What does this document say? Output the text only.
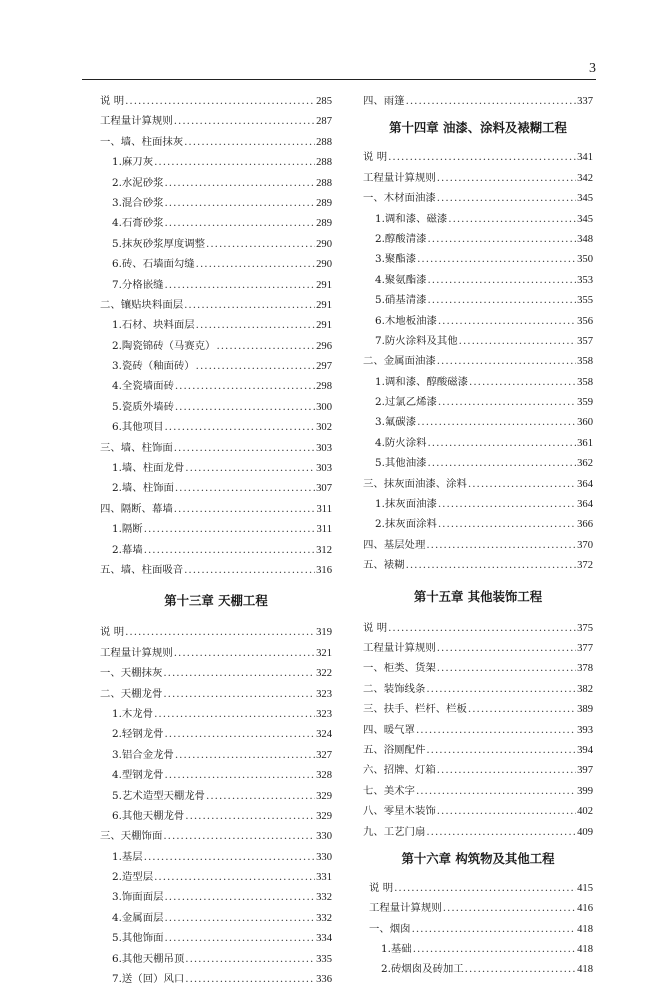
3
说 明 .....	285
工程量计算规则 .....	287
一、墙、柱面抹灰 .....	288
1.麻刀灰 .....	288
2.水泥砂浆 .....	288
3.混合砂浆 .....	289
4.石膏砂浆 .....	289
5.抹灰砂浆厚度调整 .....	290
6.砖、石墙面勾缝 .....	290
7.分格嵌缝 .....	291
二、镶贴块料面层 .....	291
1.石材、块料面层 .....	291
2.陶瓷锦砖（马赛克） .....	296
3.瓷砖（釉面砖） .....	297
4.全瓷墙面砖 .....	298
5.瓷质外墙砖 .....	300
6.其他项目 .....	302
三、墙、柱饰面 .....	303
1.墙、柱面龙骨 .....	303
2.墙、柱饰面 .....	307
四、隔断、幕墙 .....	311
1.隔断 .....	311
2.幕墙 .....	312
五、墙、柱面吸音 .....	316
第十三章 天棚工程
说 明 .....	319
工程量计算规则 .....	321
一、天棚抹灰 .....	322
二、天棚龙骨 .....	323
1.木龙骨 .....	323
2.轻钢龙骨 .....	324
3.铝合金龙骨 .....	327
4.型钢龙骨 .....	328
5.艺术造型天棚龙骨 .....	329
6.其他天棚龙骨 .....	329
三、天棚饰面 .....	330
1.基层 .....	330
2.造型层 .....	331
3.饰面面层 .....	332
4.金属面层 .....	332
5.其他饰面 .....	334
6.其他天棚吊顶 .....	335
7.送（回）风口 .....	336
四、雨篷 .....	337
第十四章 油漆、涂料及裱糊工程
说 明 .....	341
工程量计算规则 .....	342
一、木材面油漆 .....	345
1.调和漆、磁漆 .....	345
2.醇酸清漆 .....	348
3.聚酯漆 .....	350
4.聚氨酯漆 .....	353
5.硝基清漆 .....	355
6.木地板油漆 .....	356
7.防火涂料及其他 .....	357
二、金属面油漆 .....	358
1.调和漆、醇酸磁漆 .....	358
2.过氯乙烯漆 .....	359
3.氟碳漆 .....	360
4.防火涂料 .....	361
5.其他油漆 .....	362
三、抹灰面油漆、涂料 .....	364
1.抹灰面油漆 .....	364
2.抹灰面涂料 .....	366
四、基层处理 .....	370
五、裱糊 .....	372
第十五章 其他装饰工程
说 明 .....	375
工程量计算规则 .....	377
一、柜类、货架 .....	378
二、装饰线条 .....	382
三、扶手、栏杆、栏板 .....	389
四、暖气罩 .....	393
五、浴厕配件 .....	394
六、招牌、灯箱 .....	397
七、美术字 .....	399
八、零星木装饰 .....	402
九、工艺门扇 .....	409
第十六章 构筑物及其他工程
说 明 .....	415
工程量计算规则 .....	416
一、烟囱 .....	418
1.基础 .....	418
2.砖烟囱及砖加工 .....	418
